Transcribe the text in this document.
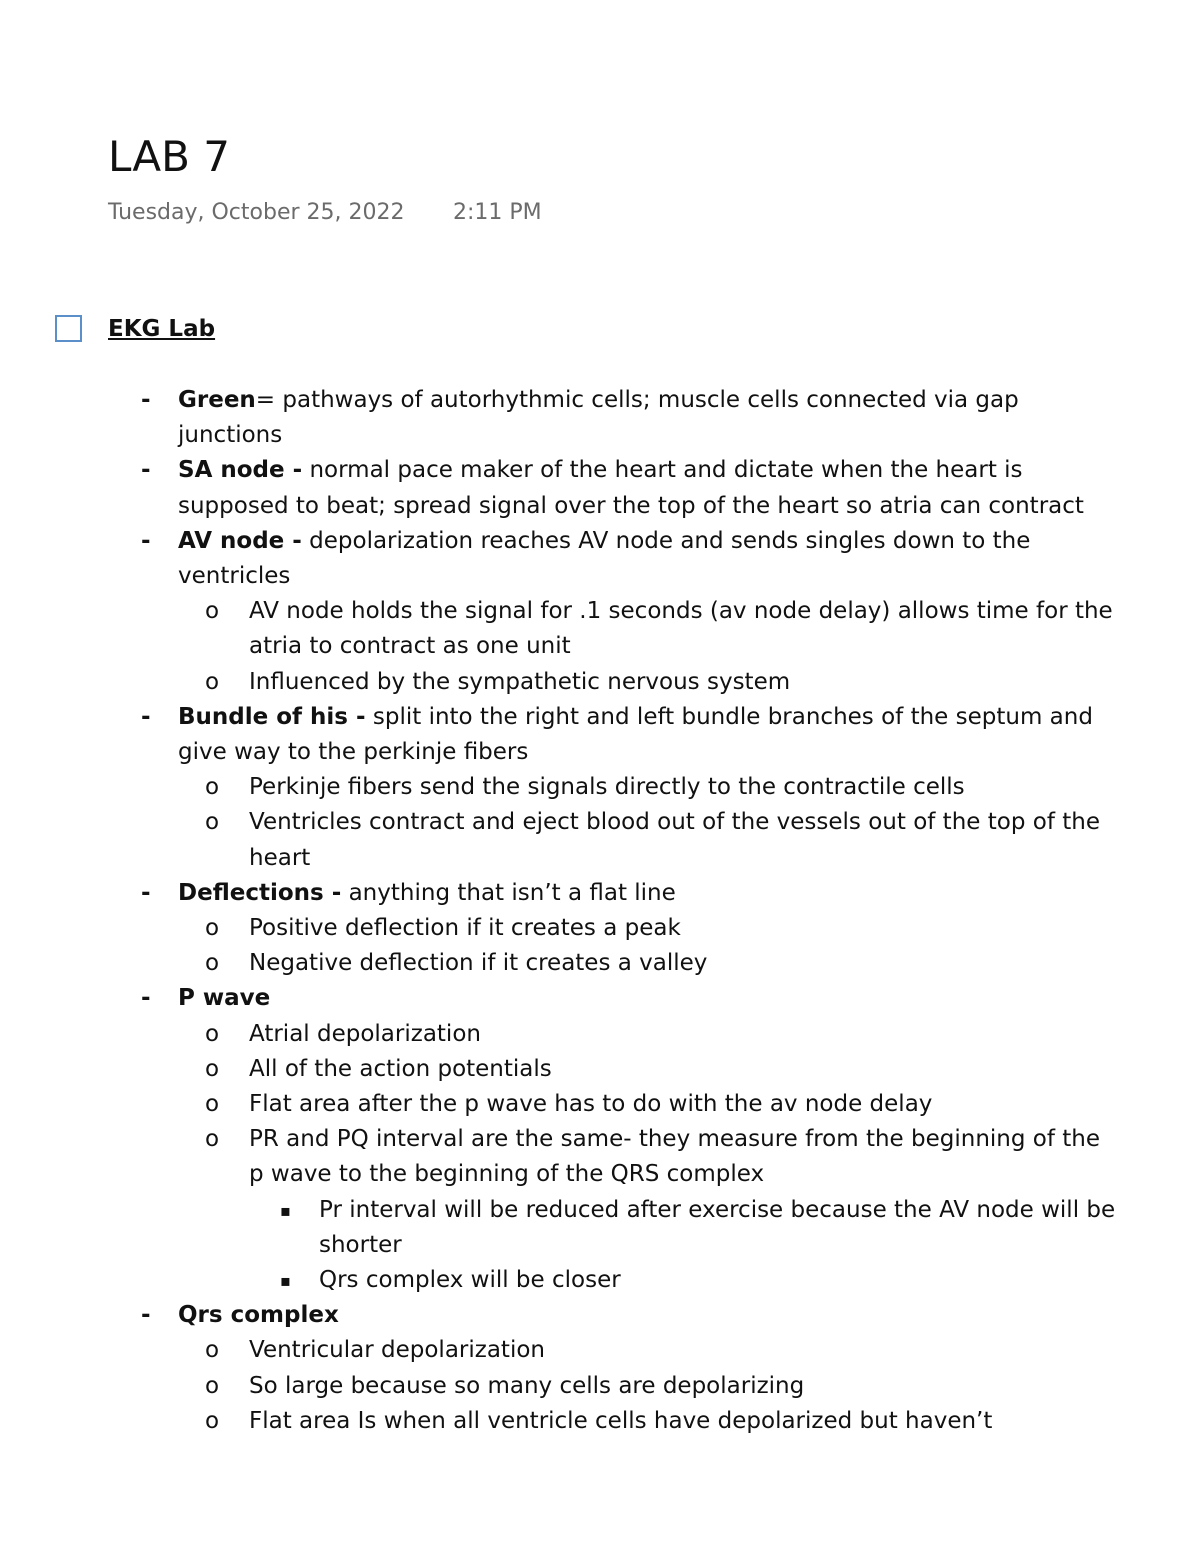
LAB 7
Tuesday, October 25, 2022 2:11 PM
EKG Lab

- Green= pathways of autorhythmic cells; muscle cells connected via gap junctions

- SA node - normal pace maker of the heart and dictate when the heart is supposed to beat; spread signal over the top of the heart so atria can contract

- AV node - depolarization reaches AV node and sends singles down to the ventricles

o AV node holds the signal for .1 seconds (av node delay) allows time for the atria to contract as one unit

o Influenced by the sympathetic nervous system

- Bundle of his - split into the right and left bundle branches of the septum and give way to the perkinje fibers

o Perkinje fibers send the signals directly to the contractile cells

o Ventricles contract and eject blood out of the vessels out of the top of the heart

- Deflections - anything that isn’t a flat line

o Positive deflection if it creates a peak

o Negative deflection if it creates a valley

- P wave

o Atrial depolarization

o All of the action potentials

o Flat area after the p wave has to do with the av node delay

o PR and PQ interval are the same- they measure from the beginning of the p wave to the beginning of the QRS complex

▪ Pr interval will be reduced after exercise because the AV node will be shorter

▪ Qrs complex will be closer

- Qrs complex

o Ventricular depolarization

o So large because so many cells are depolarizing

o Flat area Is when all ventricle cells have depolarized but haven’t
